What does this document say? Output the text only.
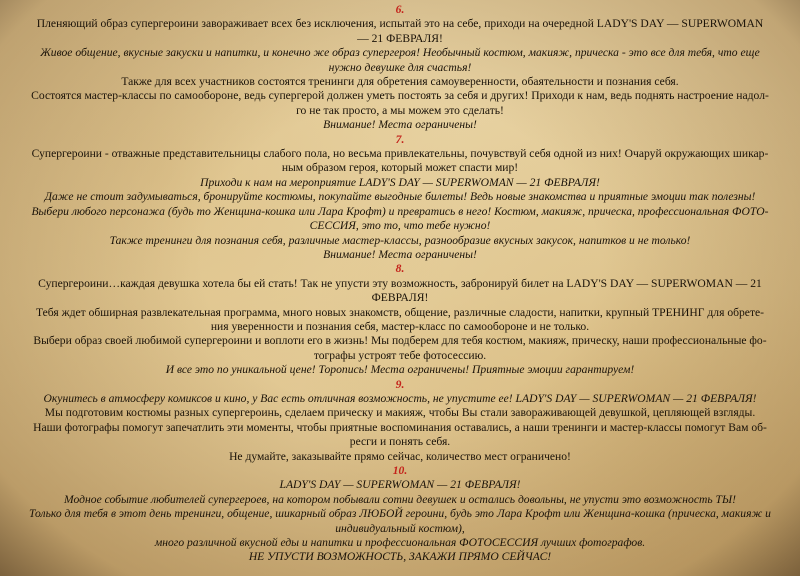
6.
Пленяющий образ супергероини завораживает всех без исключения, испытай это на себе, приходи на очередной LADY'S DAY — SUPERWOMAN
— 21 ФЕВРАЛЯ!
Живое общение, вкусные закуски и напитки, и конечно же образ супергероя! Необычный костюм, макияж, прическа - это все для тебя, что еще
нужно девушке для счастья!
Также для всех участников состоятся тренинги для обретения самоуверенности, обаятельности и познания себя.
Состоятся мастер-классы по самообороне, ведь супергерой должен уметь постоять за себя и других! Приходи к нам, ведь поднять настроение надол-
го не так просто, а мы можем это сделать!
Внимание! Места ограничены!
7.
Супергероини - отважные представительницы слабого пола, но весьма привлекательны, почувствуй себя одной из них! Очаруй окружающих шикар-
ным образом героя, который может спасти мир!
Приходи к нам на мероприятие LADY'S DAY — SUPERWOMAN — 21 ФЕВРАЛЯ!
Даже не стоит задумываться, бронируйте костюмы, покупайте выгодные билеты! Ведь новые знакомства и приятные эмоции так полезны!
Выбери любого персонажа (будь то Женщина-кошка или Лара Крофт) и превратись в него! Костюм, макияж, прическа, профессиональная ФОТО-
СЕССИЯ, это то, что тебе нужно!
Также тренинги для познания себя, различные мастер-классы, разнообразие вкусных закусок, напитков и не только!
Внимание! Места ограничены!
8.
Супергероини…каждая девушка хотела бы ей стать! Так не упусти эту возможность, забронируй билет на LADY'S DAY — SUPERWOMAN — 21
ФЕВРАЛЯ!
Тебя ждет обширная развлекательная программа, много новых знакомств, общение, различные сладости, напитки, крупный ТРЕНИНГ для обрете-
ния уверенности и познания себя, мастер-класс по самообороне и не только.
Выбери образ своей любимой супергероини и воплоти его в жизнь! Мы подберем для тебя костюм, макияж, прическу, наши профессиональные фо-
тографы устроят тебе фотосессию.
И все это по уникальной цене! Торопись! Места ограничены! Приятные эмоции гарантируем!
9.
Окунитесь в атмосферу комиксов и кино, у Вас есть отличная возможность, не упустите ее! LADY'S DAY — SUPERWOMAN — 21 ФЕВРАЛЯ!
Мы подготовим костюмы разных супергероинь, сделаем прическу и макияж, чтобы Вы стали завораживающей девушкой, цепляющей взгляды.
Наши фотографы помогут запечатлить эти моменты, чтобы приятные воспоминания оставались, а наши тренинги и мастер-классы помогут Вам об-
ресги и понять себя.
Не думайте, заказывайте прямо сейчас, количество мест ограничено!
10.
LADY'S DAY — SUPERWOMAN — 21 ФЕВРАЛЯ!
Модное событие любителей супергероев, на котором побывали сотни девушек и остались довольны, не упусти это возможность ТЫ!
Только для тебя в этот день тренинги, общение, шикарный образ ЛЮБОЙ героини, будь это Лара Крофт или Женщина-кошка (прическа, макияж и
индивидуальный костюм),
много различной вкусной еды и напитки и профессиональная ФОТОСЕССИЯ лучших фотографов.
НЕ УПУСТИ ВОЗМОЖНОСТЬ, ЗАКАЖИ ПРЯМО СЕЙЧАС!
